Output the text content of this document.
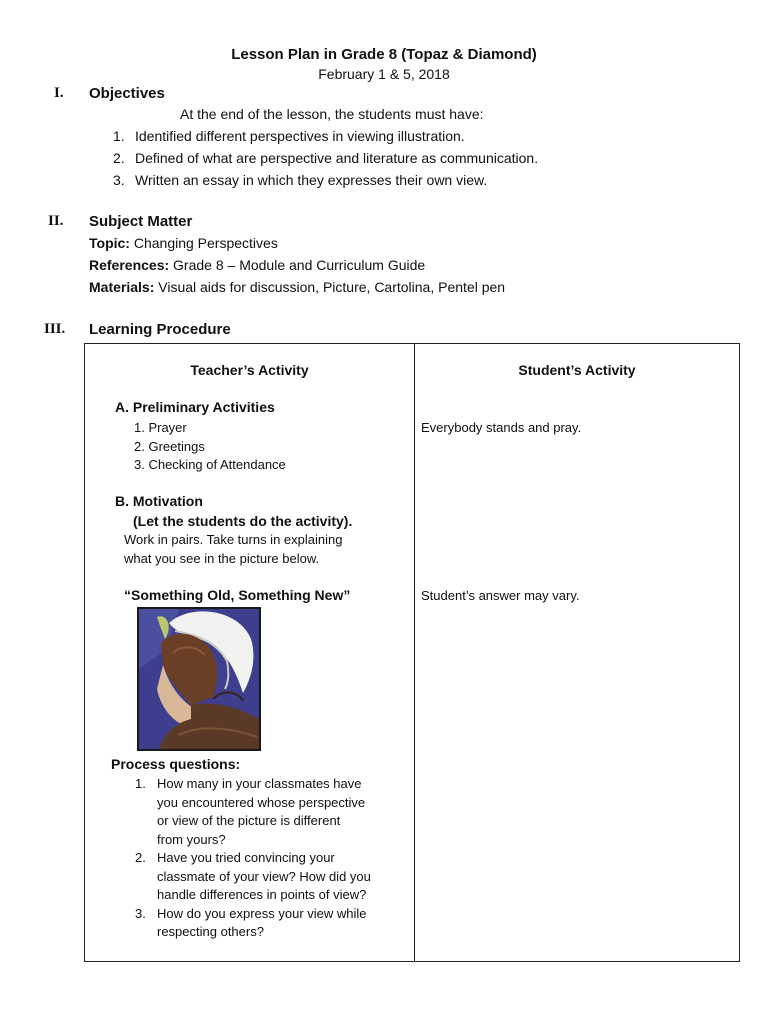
Lesson Plan in Grade 8 (Topaz & Diamond)
February 1 & 5, 2018
I. Objectives
At the end of the lesson, the students must have:
1. Identified different perspectives in viewing illustration.
2. Defined of what are perspective and literature as communication.
3. Written an essay in which they expresses their own view.
II. Subject Matter
Topic: Changing Perspectives
References: Grade 8 – Module and Curriculum Guide
Materials: Visual aids for discussion, Picture, Cartolina, Pentel pen
III. Learning Procedure
Teacher’s Activity	Student’s Activity
A. Preliminary Activities
1. Prayer
2. Greetings
3. Checking of Attendance
Everybody stands and pray.
B. Motivation
(Let the students do the activity).
Work in pairs. Take turns in explaining
what you see in the picture below.
“Something Old, Something New”	Student’s answer may vary.
Process questions:
1. How many in your classmates have
you encountered whose perspective
or view of the picture is different
from yours?
2. Have you tried convincing your
classmate of your view? How did you
handle differences in points of view?
3. How do you express your view while
respecting others?
